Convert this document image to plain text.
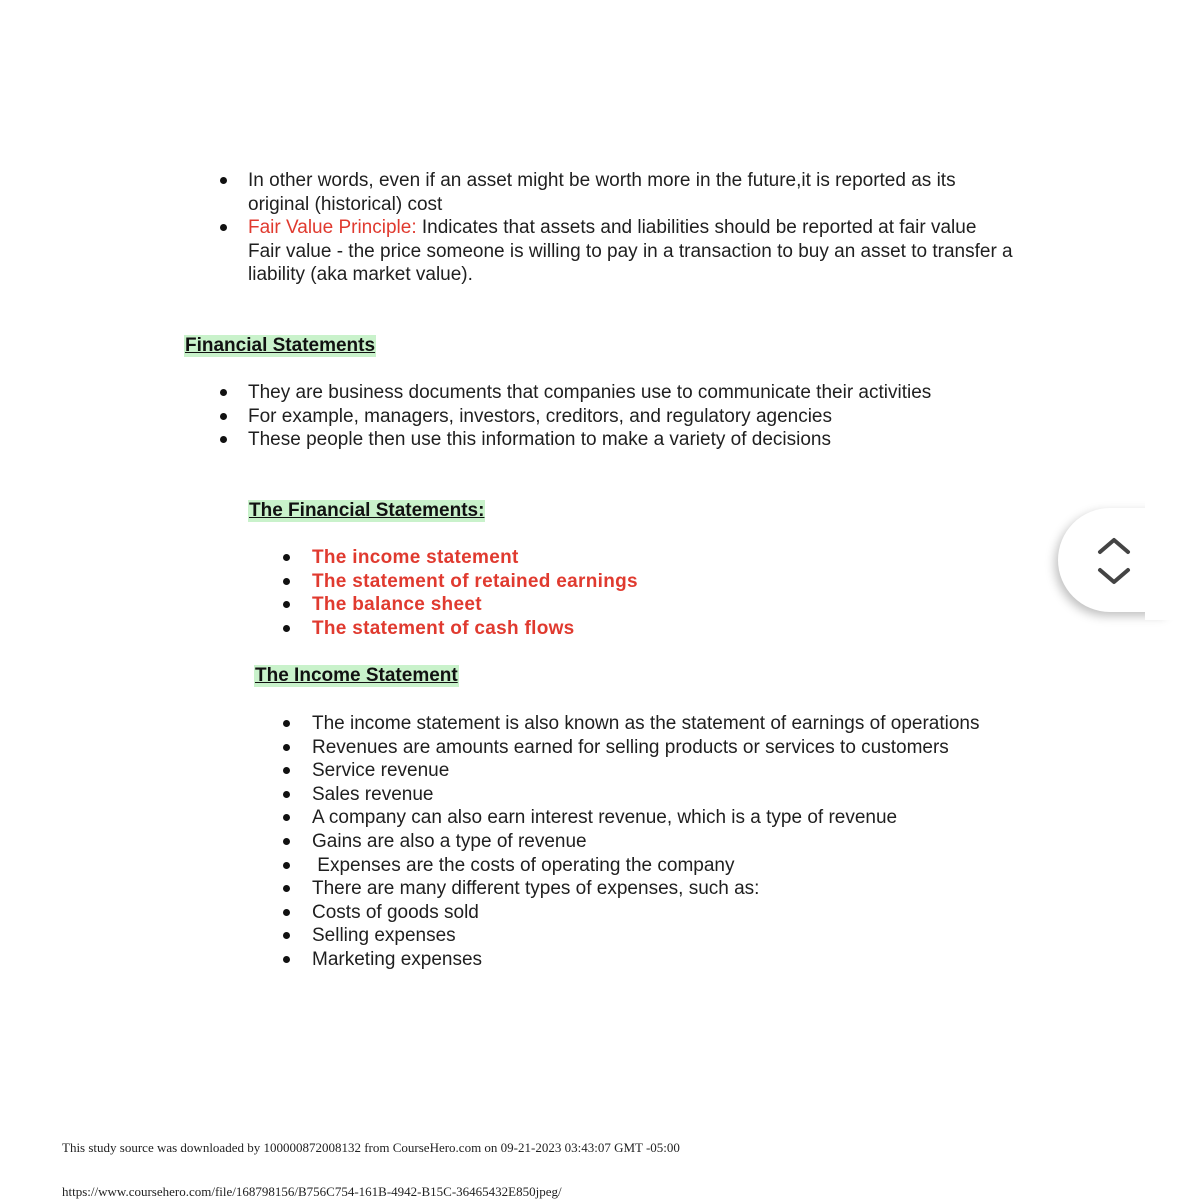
In other words, even if an asset might be worth more in the future,it is reported as its original (historical) cost
Fair Value Principle: Indicates that assets and liabilities should be reported at fair value
Fair value - the price someone is willing to pay in a transaction to buy an asset to transfer a liability (aka market value).
Financial Statements
They are business documents that companies use to communicate their activities
For example, managers, investors, creditors, and regulatory agencies
These people then use this information to make a variety of decisions
The Financial Statements:
The income statement
The statement of retained earnings
The balance sheet
The statement of cash flows
The Income Statement
The income statement is also known as the statement of earnings of operations
Revenues are amounts earned for selling products or services to customers
Service revenue
Sales revenue
A company can also earn interest revenue, which is a type of revenue
Gains are also a type of revenue
Expenses are the costs of operating the company
There are many different types of expenses, such as:
Costs of goods sold
Selling expenses
Marketing expenses
This study source was downloaded by 100000872008132 from CourseHero.com on 09-21-2023 03:43:07 GMT -05:00
https://www.coursehero.com/file/168798156/B756C754-161B-4942-B15C-36465432E850jpeg/
